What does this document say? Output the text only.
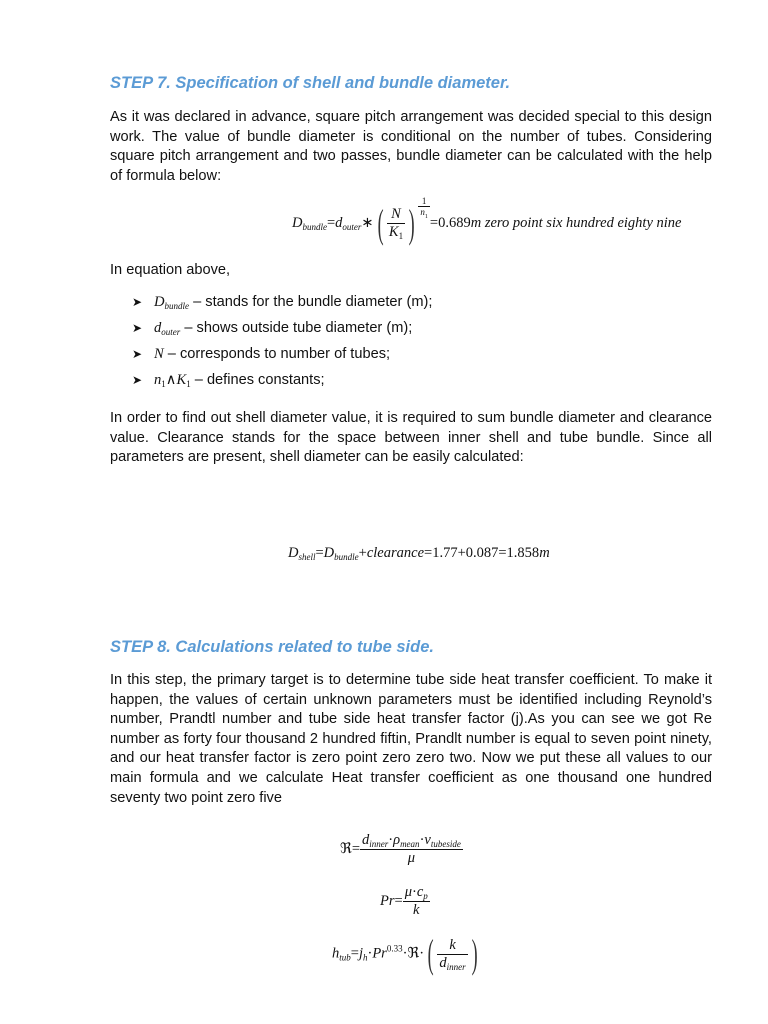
STEP 7. Specification of shell and bundle diameter.

As it was declared in advance, square pitch arrangement was decided special to this design work. The value of bundle diameter is conditional on the number of tubes. Considering square pitch arrangement and two passes, bundle diameter can be calculated with the help of formula below:

$D_{bundle}=d_{outer}∗( \frac{N}{K_1}$ ) $\frac{1}{n_1}$
=0.689m zero point six hundred eighty nine

In equation above,

➤ $D_{bundle}$ – stands for the bundle diameter (m);
➤ $d_{outer}$ – shows outside tube diameter (m);
➤ N – corresponds to number of tubes;
➤ $n_1\wedge K_1$ – defines constants;

In order to find out shell diameter value, it is required to sum bundle diameter and clearance value. Clearance stands for the space between inner shell and tube bundle. Since all parameters are present, shell diameter can be easily calculated:

$D_{shell}=D_{bundle}+clearance=1.77+0.087=1.858m$
STEP 8. Calculations related to tube side.

In this step, the primary target is to determine tube side heat transfer coefficient. To make it happen, the values of certain unknown parameters must be identified including Reynold’s number, Prandtl number and tube side heat transfer factor (j).As you can see we got Re number as forty four thousand 2 hundred fiftin, Prandlt number is equal to seven point ninety, and our heat transfer factor is zero point zero zero two. Now we put these all values to our main formula and we calculate Heat transfer coefficient as one thousand one hundred seventy two point zero five

ℜ= $\frac{d_{inner}\cdot\rho_{mean}\cdot v_{tubeside}}{\mu}$
$Pr= \frac{\mu\cdot c_p}{k}$
$h_{tub}=j_h\cdot Pr^{0.33}\cdot ℜ\cdot( \frac{k}{d_{inner}}$ )
